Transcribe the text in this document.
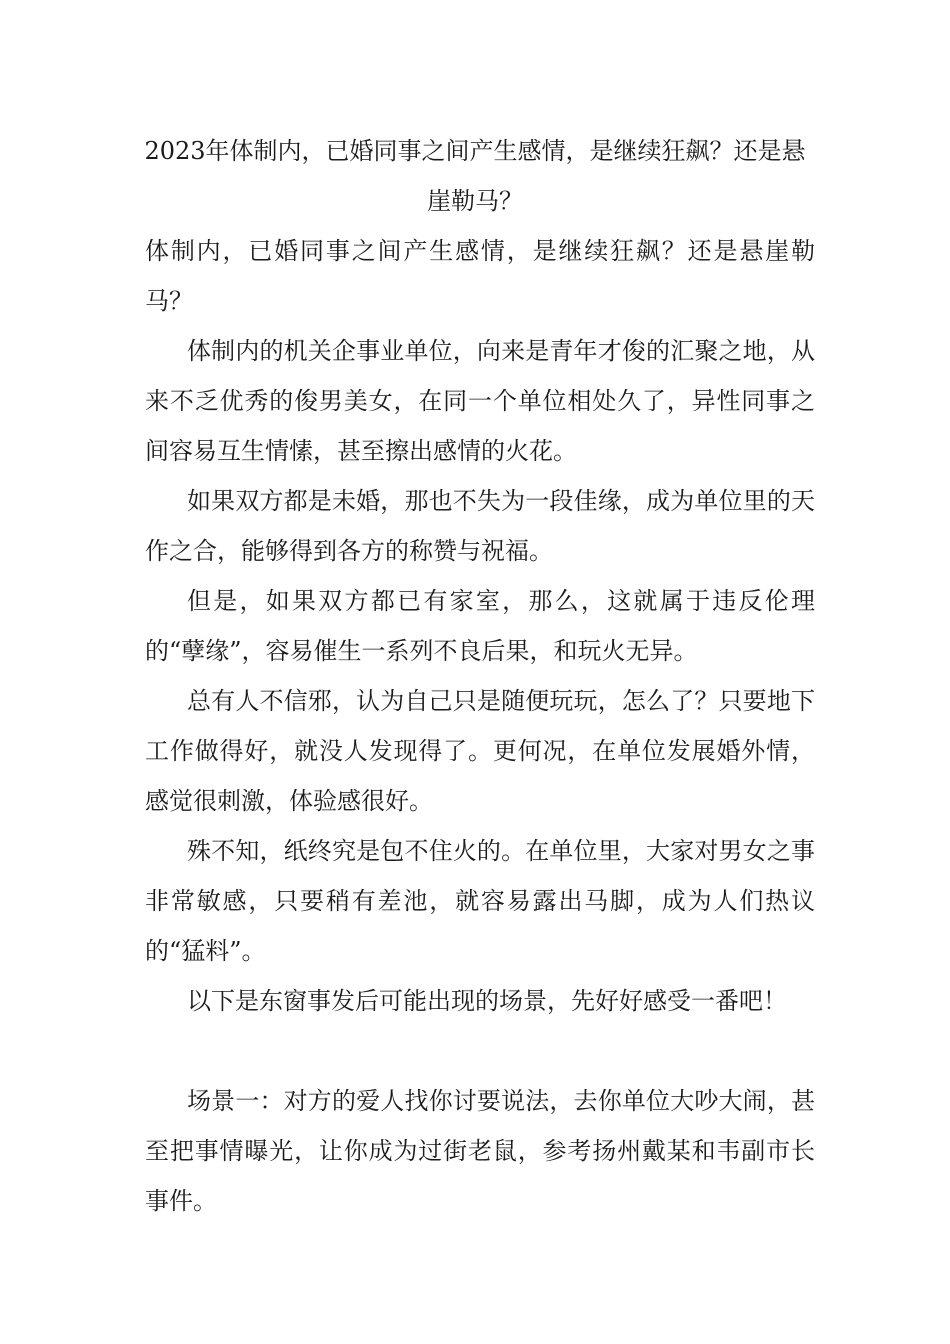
2023年体制内，已婚同事之间产生感情，是继续狂飙？还是悬崖勒马？

体制内，已婚同事之间产生感情，是继续狂飙？还是悬崖勒马？

体制内的机关企事业单位，向来是青年才俊的汇聚之地，从来不乏优秀的俊男美女，在同一个单位相处久了，异性同事之间容易互生情愫，甚至擦出感情的火花。

如果双方都是未婚，那也不失为一段佳缘，成为单位里的天作之合，能够得到各方的称赞与祝福。

但是，如果双方都已有家室，那么，这就属于违反伦理的“孽缘”，容易催生一系列不良后果，和玩火无异。

总有人不信邪，认为自己只是随便玩玩，怎么了？只要地下工作做得好，就没人发现得了。更何况，在单位发展婚外情，感觉很刺激，体验感很好。

殊不知，纸终究是包不住火的。在单位里，大家对男女之事非常敏感，只要稍有差池，就容易露出马脚，成为人们热议的“猛料”。

以下是东窗事发后可能出现的场景，先好好感受一番吧！

场景一：对方的爱人找你讨要说法，去你单位大吵大闹，甚至把事情曝光，让你成为过街老鼠，参考扬州戴某和韦副市长事件。
